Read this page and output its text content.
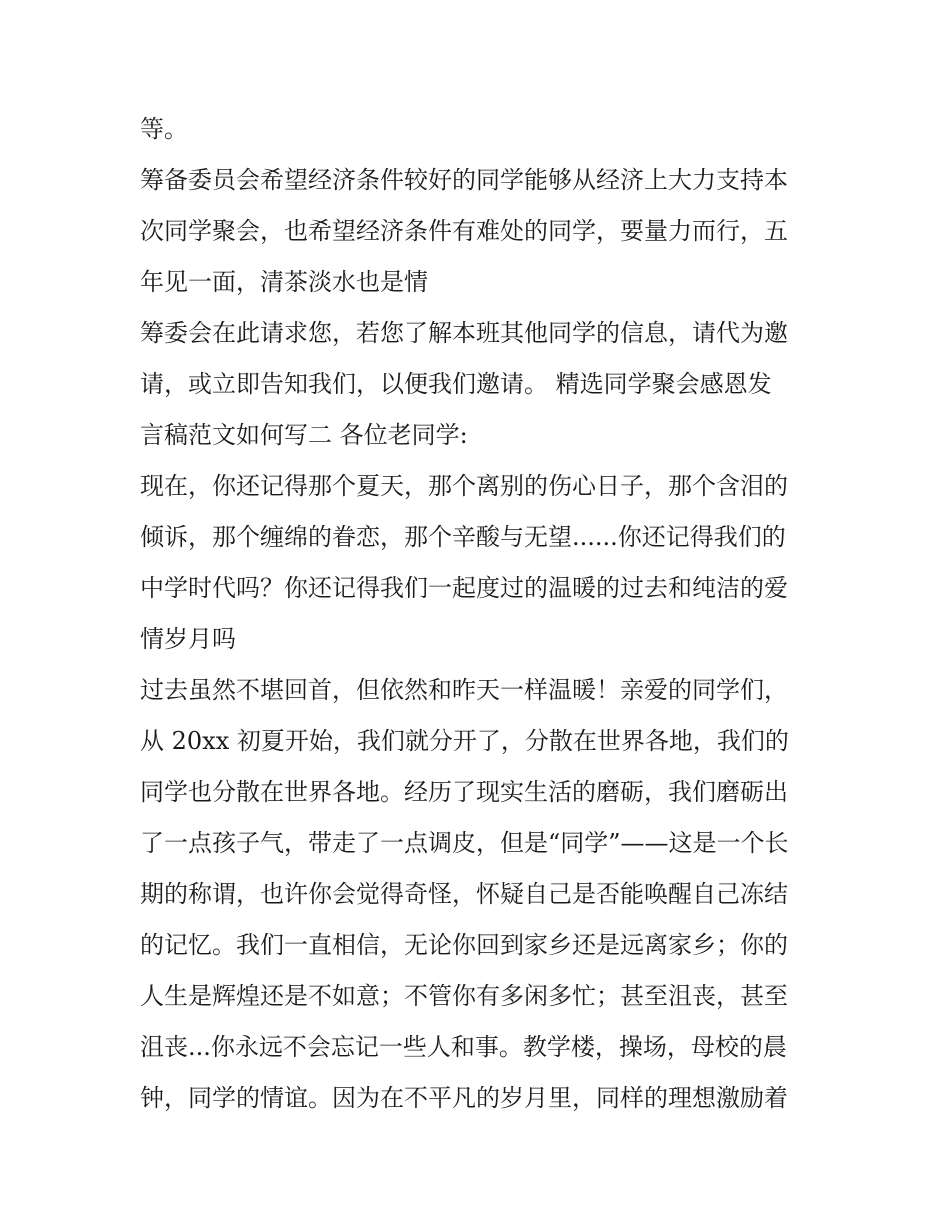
等。
筹备委员会希望经济条件较好的同学能够从经济上大力支持本
次同学聚会，也希望经济条件有难处的同学，要量力而行，五
年见一面，清茶淡水也是情
筹委会在此请求您，若您了解本班其他同学的信息，请代为邀
请，或立即告知我们，以便我们邀请。 精选同学聚会感恩发
言稿范文如何写二 各位老同学:
现在，你还记得那个夏天，那个离别的伤心日子，那个含泪的
倾诉，那个缠绵的眷恋，那个辛酸与无望......你还记得我们的
中学时代吗？你还记得我们一起度过的温暖的过去和纯洁的爱
情岁月吗
过去虽然不堪回首，但依然和昨天一样温暖！亲爱的同学们，
从 20xx 初夏开始，我们就分开了，分散在世界各地，我们的
同学也分散在世界各地。经历了现实生活的磨砺，我们磨砺出
了一点孩子气，带走了一点调皮，但是“同学”——这是一个长
期的称谓，也许你会觉得奇怪，怀疑自己是否能唤醒自己冻结
的记忆。我们一直相信，无论你回到家乡还是远离家乡；你的
人生是辉煌还是不如意；不管你有多闲多忙；甚至沮丧，甚至
沮丧...你永远不会忘记一些人和事。教学楼，操场，母校的晨
钟，同学的情谊。因为在不平凡的岁月里，同样的理想激励着
